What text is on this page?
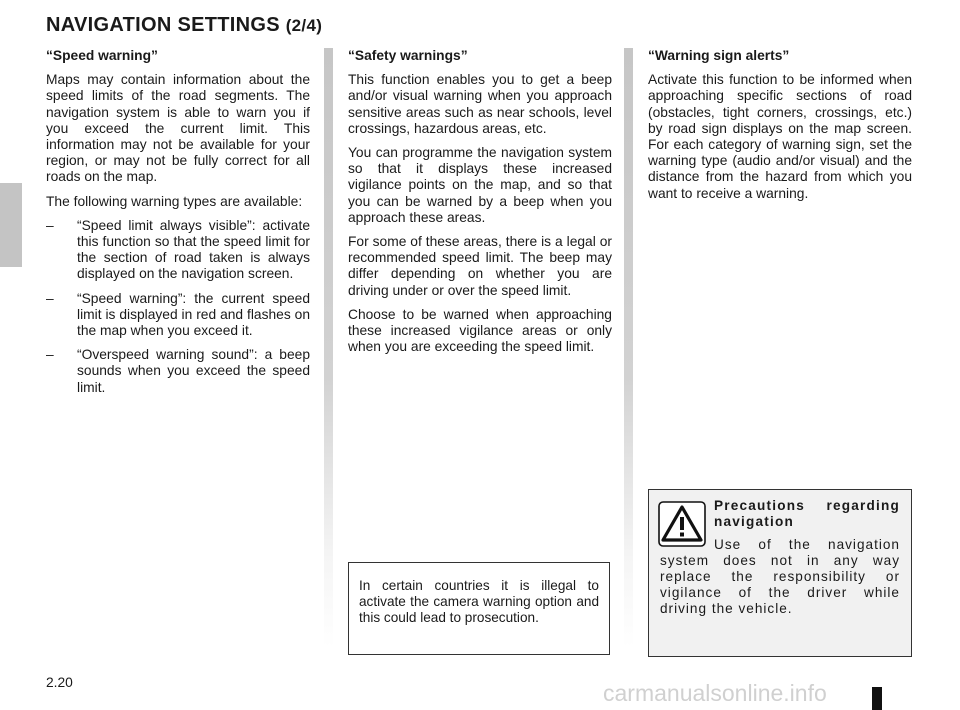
NAVIGATION SETTINGS (2/4)

“Speed warning”

Maps may contain information about the speed limits of the road segments. The navigation system is able to warn you if you exceed the current limit. This information may not be available for your region, or may not be fully correct for all roads on the map.

The following warning types are available:

– “Speed limit always visible”: activate this function so that the speed limit for the section of road taken is always displayed on the navigation screen.
– “Speed warning”: the current speed limit is displayed in red and flashes on the map when you exceed it.
– “Overspeed warning sound”: a beep sounds when you exceed the speed limit.

“Safety warnings”

This function enables you to get a beep and/or visual warning when you approach sensitive areas such as near schools, level crossings, hazardous areas, etc.

You can programme the navigation system so that it displays these increased vigilance points on the map, and so that you can be warned by a beep when you approach these areas.

For some of these areas, there is a legal or recommended speed limit. The beep may differ depending on whether you are driving under or over the speed limit.

Choose to be warned when approaching these increased vigilance areas or only when you are exceeding the speed limit.

In certain countries it is illegal to activate the camera warning option and this could lead to prosecution.

“Warning sign alerts”

Activate this function to be informed when approaching specific sections of road (obstacles, tight corners, crossings, etc.) by road sign displays on the map screen. For each category of warning sign, set the warning type (audio and/or visual) and the distance from the hazard from which you want to receive a warning.

Precautions regarding navigation

Use of the navigation system does not in any way replace the responsibility or vigilance of the driver while driving the vehicle.

2.20	carmanualsonline.info
